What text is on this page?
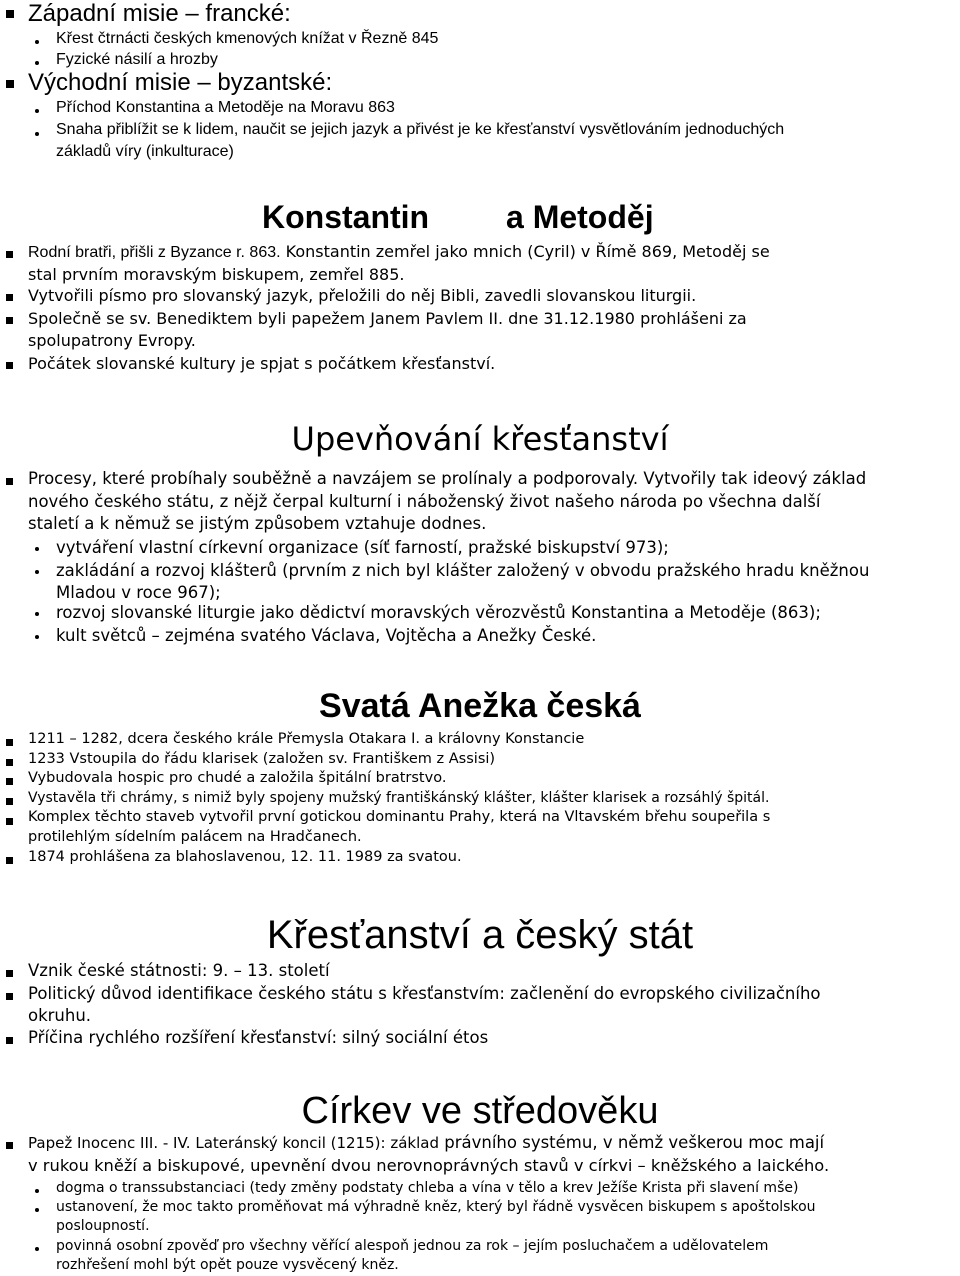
Západní misie – francké:
Křest čtrnácti českých kmenových knížat v Řezně 845
Fyzické násilí a hrozby
Východní misie – byzantské:
Příchod Konstantina a Metoděje na Moravu 863
Snaha přiblížit se k lidem, naučit se jejich jazyk a přivést je ke křesťanství vysvětlováním jednoduchých
základů víry (inkulturace)
Konstantin a Metoděj
Rodní bratři, přišli z Byzance r. 863. Konstantin zemřel jako mnich (Cyril) v Římě 869, Metoděj se
stal prvním moravským biskupem, zemřel 885.
Vytvořili písmo pro slovanský jazyk, přeložili do něj Bibli, zavedli slovanskou liturgii.
Společně se sv. Benediktem byli papežem Janem Pavlem II. dne 31.12.1980 prohlášeni za
spolupatrony Evropy.
Počátek slovanské kultury je spjat s počátkem křesťanství.
Upevňování křesťanství
Procesy, které probíhaly souběžně a navzájem se prolínaly a podporovaly. Vytvořily tak ideový základ
nového českého státu, z nějž čerpal kulturní i náboženský život našeho národa po všechna další
staletí a k němuž se jistým způsobem vztahuje dodnes.
vytváření vlastní církevní organizace (síť farností, pražské biskupství 973);
zakládání a rozvoj klášterů (prvním z nich byl klášter založený v obvodu pražského hradu kněžnou
Mladou v roce 967);
rozvoj slovanské liturgie jako dědictví moravských věrozvěstů Konstantina a Metoděje (863);
kult světců – zejména svatého Václava, Vojtěcha a Anežky České.
Svatá Anežka česká
1211 – 1282, dcera českého krále Přemysla Otakara I. a královny Konstancie
1233 Vstoupila do řádu klarisek (založen sv. Františkem z Assisi)
Vybudovala hospic pro chudé a založila špitální bratrstvo.
Vystavěla tři chrámy, s nimiž byly spojeny mužský františkánský klášter, klášter klarisek a rozsáhlý špitál.
Komplex těchto staveb vytvořil první gotickou dominantu Prahy, která na Vltavském břehu soupeřila s
protilehlým sídelním palácem na Hradčanech.
1874 prohlášena za blahoslavenou, 12. 11. 1989 za svatou.
Křesťanství a český stát
Vznik české státnosti: 9. – 13. století
Politický důvod identifikace českého státu s křesťanstvím: začlenění do evropského civilizačního
okruhu.
Příčina rychlého rozšíření křesťanství: silný sociální étos
Církev ve středověku
Papež Inocenc III. - IV. Lateránský koncil (1215): základ právního systému, v němž veškerou moc mají
v rukou kněží a biskupové, upevnění dvou nerovnoprávných stavů v církvi – kněžského a laického.
dogma o transsubstanciaci (tedy změny podstaty chleba a vína v tělo a krev Ježíše Krista při slavení mše)
ustanovení, že moc takto proměňovat má výhradně kněz, který byl řádně vysvěcen biskupem s apoštolskou
posloupností.
povinná osobní zpověď pro všechny věřící alespoň jednou za rok – jejím posluchačem a udělovatelem
rozhřešení mohl být opět pouze vysvěcený kněz.
